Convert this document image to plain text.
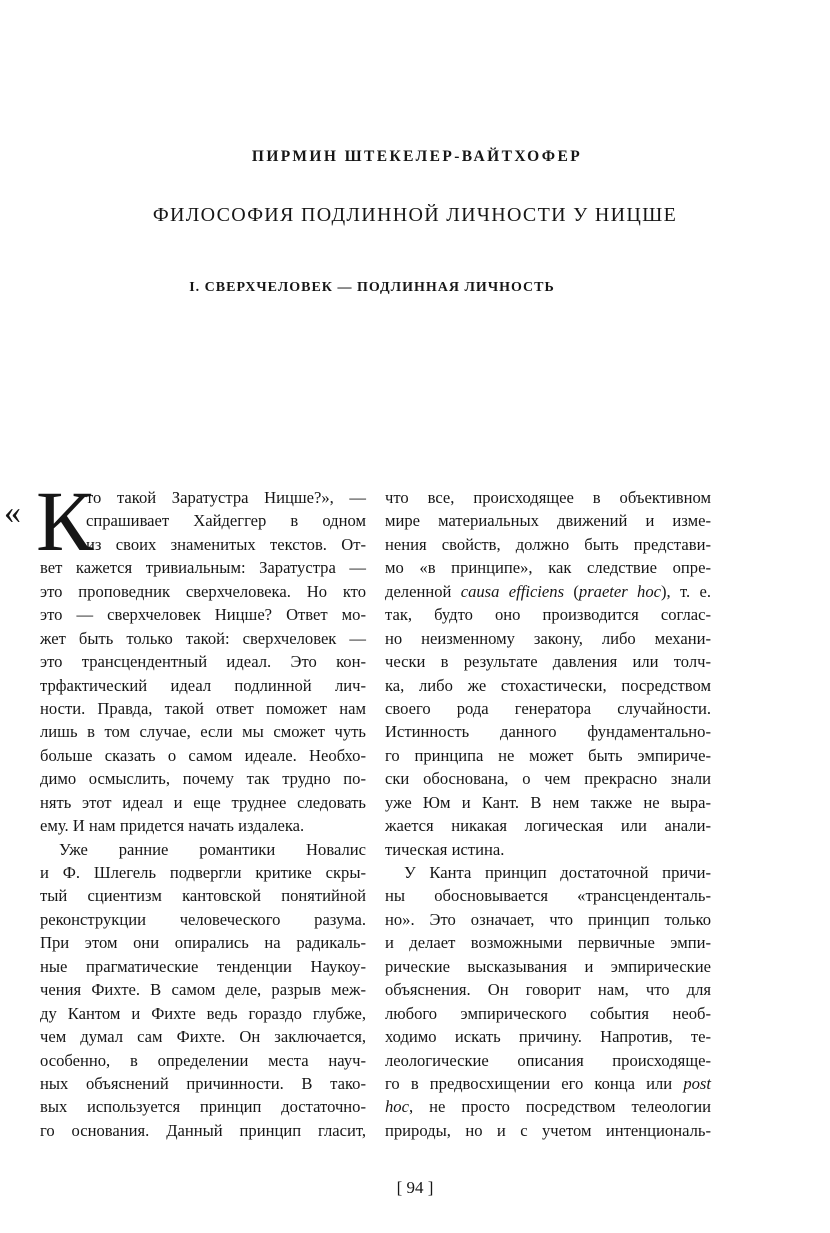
ПИРМИН ШТЕКЕЛЕР-ВАЙТХОФЕР
ФИЛОСОФИЯ ПОДЛИННОЙ ЛИЧНОСТИ У НИЦШЕ
I. СВЕРХЧЕЛОВЕК — ПОДЛИННАЯ ЛИЧНОСТЬ
« К
то такой Заратустра Ницше?», —
спрашивает Хайдеггер в одном
из своих знаменитых текстов. От-
вет кажется тривиальным: Заратустра —
это проповедник сверхчеловека. Но кто
это — сверхчеловек Ницше? Ответ мо-
жет быть только такой: сверхчеловек —
это трансцендентный идеал. Это кон-
трфактический идеал подлинной лич-
ности. Правда, такой ответ поможет нам
лишь в том случае, если мы сможет чуть
больше сказать о самом идеале. Необхо-
димо осмыслить, почему так трудно по-
нять этот идеал и еще труднее следовать
ему. И нам придется начать издалека.
Уже ранние романтики Новалис
и Ф. Шлегель подвергли критике скры-
тый сциентизм кантовской понятийной
реконструкции человеческого разума.
При этом они опирались на радикаль-
ные прагматические тенденции Наукоу-
чения Фихте. В самом деле, разрыв меж-
ду Кантом и Фихте ведь гораздо глубже,
чем думал сам Фихте. Он заключается,
особенно, в определении места науч-
ных объяснений причинности. В тако-
вых используется принцип достаточно-
го основания. Данный принцип гласит,
что все, происходящее в объективном
мире материальных движений и изме-
нения свойств, должно быть представи-
мо «в принципе», как следствие опре-
деленной causa efficiens (praeter hoc), т. е.
так, будто оно производится соглас-
но неизменному закону, либо механи-
чески в результате давления или толч-
ка, либо же стохастически, посредством
своего рода генератора случайности.
Истинность данного фундаментально-
го принципа не может быть эмпириче-
ски обоснована, о чем прекрасно знали
уже Юм и Кант. В нем также не выра-
жается никакая логическая или анали-
тическая истина.
У Канта принцип достаточной причи-
ны обосновывается «трансценденталь-
но». Это означает, что принцип только
и делает возможными первичные эмпи-
рические высказывания и эмпирические
объяснения. Он говорит нам, что для
любого эмпирического события необ-
ходимо искать причину. Напротив, те-
леологические описания происходяще-
го в предвосхищении его конца или post
hoc, не просто посредством телеологии
природы, но и с учетом интенциональ-
[ 94 ]
